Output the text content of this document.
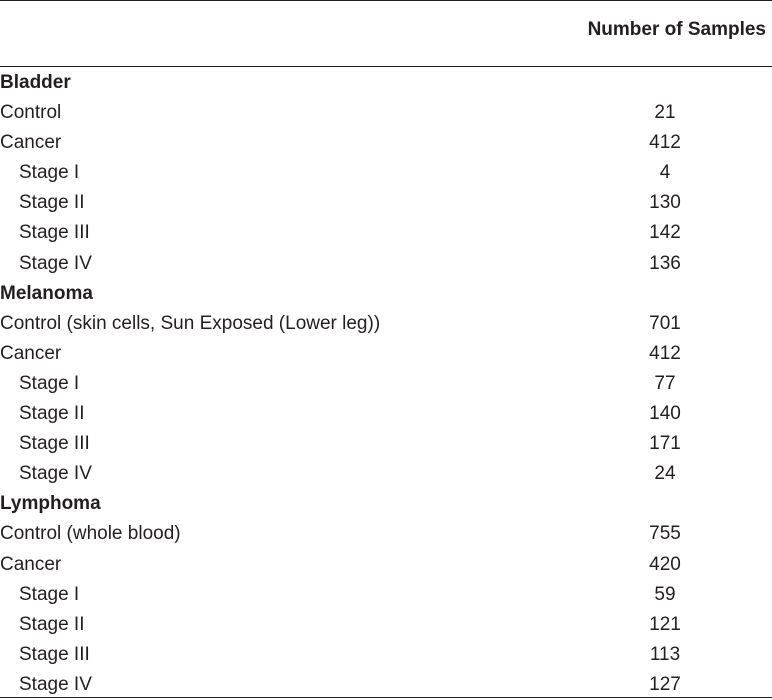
Number of Samples
Bladder
Control	21
Cancer	412
Stage I	4
Stage II	130
Stage III	142
Stage IV	136
Melanoma
Control (skin cells, Sun Exposed (Lower leg))	701
Cancer	412
Stage I	77
Stage II	140
Stage III	171
Stage IV	24
Lymphoma
Control (whole blood)	755
Cancer	420
Stage I	59
Stage II	121
Stage III	113
Stage IV	127
